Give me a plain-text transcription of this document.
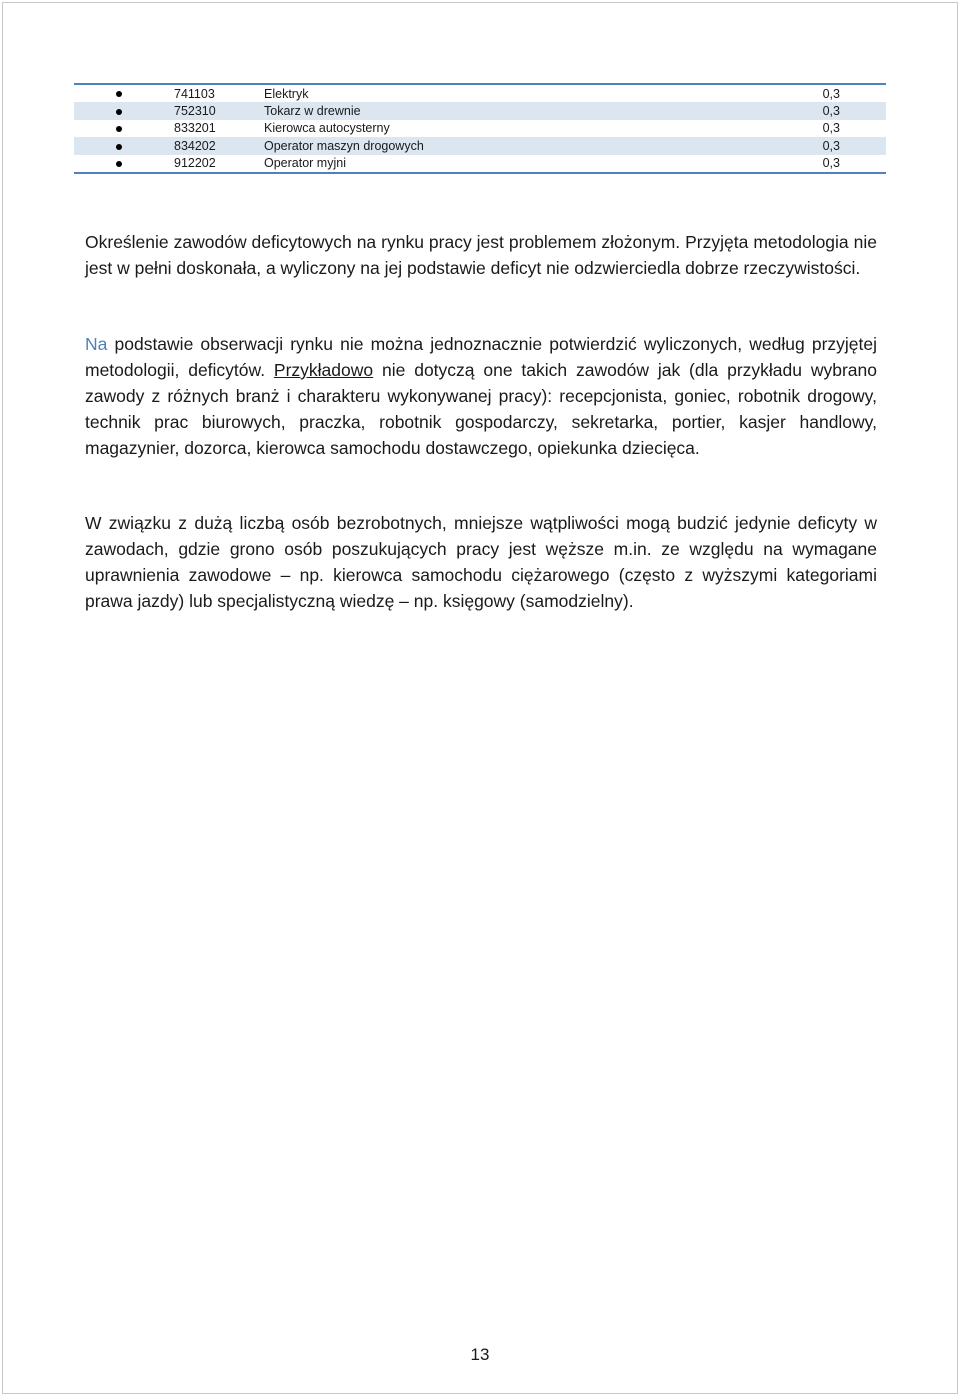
	741103	Elektryk	0,3
	752310	Tokarz w drewnie	0,3
	833201	Kierowca autocysterny	0,3
	834202	Operator maszyn drogowych	0,3
	912202	Operator myjni	0,3

Określenie zawodów deficytowych na rynku pracy jest problemem złożonym. Przyjęta metodologia nie jest w pełni doskonała, a wyliczony na jej podstawie deficyt nie odzwierciedla dobrze rzeczywistości.

Na podstawie obserwacji rynku nie można jednoznacznie potwierdzić wyliczonych, według przyjętej metodologii, deficytów. Przykładowo nie dotyczą one takich zawodów jak (dla przykładu wybrano zawody z różnych branż i charakteru wykonywanej pracy): recepcjonista, goniec, robotnik drogowy, technik prac biurowych, praczka, robotnik gospodarczy, sekretarka, portier, kasjer handlowy, magazynier, dozorca, kierowca samochodu dostawczego, opiekunka dziecięca.

W związku z dużą liczbą osób bezrobotnych, mniejsze wątpliwości mogą budzić jedynie deficyty w zawodach, gdzie grono osób poszukujących pracy jest węższe m.in. ze względu na wymagane uprawnienia zawodowe – np. kierowca samochodu ciężarowego (często z wyższymi kategoriami prawa jazdy) lub specjalistyczną wiedzę – np. księgowy (samodzielny).

13
